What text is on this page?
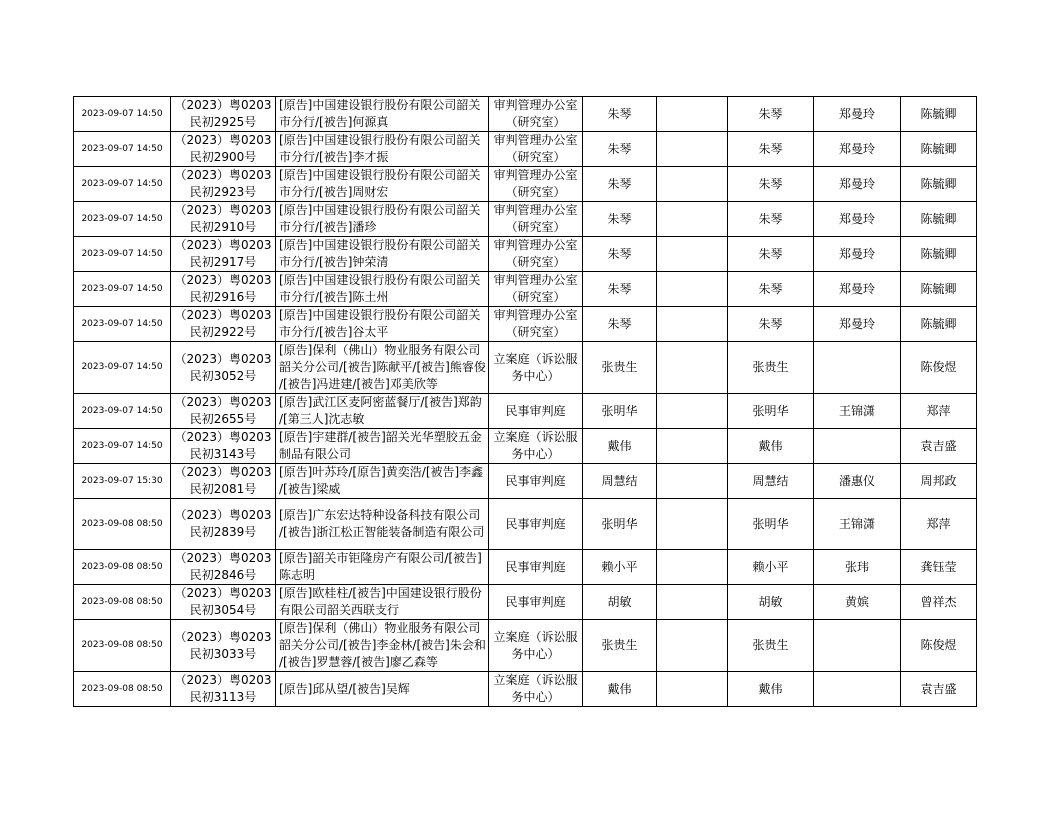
2023-09-07 14:50	（2023）粤0203
民初2925号	[原告]中国建设银行股份有限公司韶关
市分行/[被告]何源真	审判管理办公室
（研究室）	朱琴		朱琴	郑曼玲	陈毓卿
2023-09-07 14:50	（2023）粤0203
民初2900号	[原告]中国建设银行股份有限公司韶关
市分行/[被告]李才振	审判管理办公室
（研究室）	朱琴		朱琴	郑曼玲	陈毓卿
2023-09-07 14:50	（2023）粤0203
民初2923号	[原告]中国建设银行股份有限公司韶关
市分行/[被告]周财宏	审判管理办公室
（研究室）	朱琴		朱琴	郑曼玲	陈毓卿
2023-09-07 14:50	（2023）粤0203
民初2910号	[原告]中国建设银行股份有限公司韶关
市分行/[被告]潘珍	审判管理办公室
（研究室）	朱琴		朱琴	郑曼玲	陈毓卿
2023-09-07 14:50	（2023）粤0203
民初2917号	[原告]中国建设银行股份有限公司韶关
市分行/[被告]钟荣清	审判管理办公室
（研究室）	朱琴		朱琴	郑曼玲	陈毓卿
2023-09-07 14:50	（2023）粤0203
民初2916号	[原告]中国建设银行股份有限公司韶关
市分行/[被告]陈土州	审判管理办公室
（研究室）	朱琴		朱琴	郑曼玲	陈毓卿
2023-09-07 14:50	（2023）粤0203
民初2922号	[原告]中国建设银行股份有限公司韶关
市分行/[被告]谷太平	审判管理办公室
（研究室）	朱琴		朱琴	郑曼玲	陈毓卿
2023-09-07 14:50	（2023）粤0203
民初3052号	[原告]保利（佛山）物业服务有限公司
韶关分公司/[被告]陈献平/[被告]熊睿俊
/[被告]冯进建/[被告]邓美欣等	立案庭（诉讼服
务中心）	张贵生		张贵生		陈俊煜
2023-09-07 14:50	（2023）粤0203
民初2655号	[原告]武江区麦阿密蓝餐厅/[被告]郑韵
/[第三人]沈志敏	民事审判庭	张明华		张明华	王锦潇	郑萍
2023-09-07 14:50	（2023）粤0203
民初3143号	[原告]宇建群/[被告]韶关光华塑胶五金
制品有限公司	立案庭（诉讼服
务中心）	戴伟		戴伟		袁吉盛
2023-09-07 15:30	（2023）粤0203
民初2081号	[原告]叶苏玲/[原告]黄奕浩/[被告]李鑫
/[被告]梁威	民事审判庭	周慧结		周慧结	潘惠仪	周邦政
2023-09-08 08:50	（2023）粤0203
民初2839号	[原告]广东宏达特种设备科技有限公司
/[被告]浙江松正智能装备制造有限公司	民事审判庭	张明华		张明华	王锦潇	郑萍
2023-09-08 08:50	（2023）粤0203
民初2846号	[原告]韶关市钜隆房产有限公司/[被告]
陈志明	民事审判庭	赖小平		赖小平	张玮	龚钰莹
2023-09-08 08:50	（2023）粤0203
民初3054号	[原告]欧桂柱/[被告]中国建设银行股份
有限公司韶关西联支行	民事审判庭	胡敏		胡敏	黄嫔	曾祥杰
2023-09-08 08:50	（2023）粤0203
民初3033号	[原告]保利（佛山）物业服务有限公司
韶关分公司/[被告]李金林/[被告]朱会和
/[被告]罗慧蓉/[被告]廖乙森等	立案庭（诉讼服
务中心）	张贵生		张贵生		陈俊煜
2023-09-08 08:50	（2023）粤0203
民初3113号	[原告]邱从望/[被告]吴辉	立案庭（诉讼服
务中心）	戴伟		戴伟		袁吉盛
